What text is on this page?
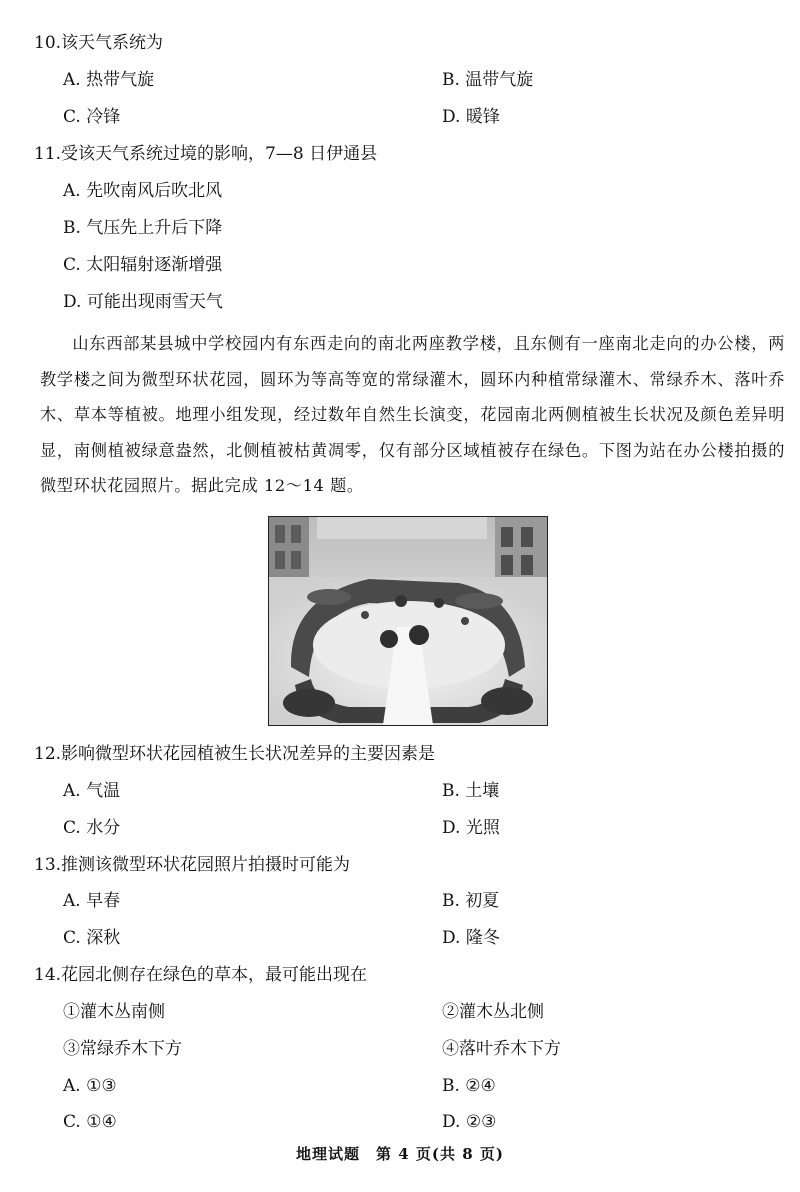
10.该天气系统为
A. 热带气旋	B. 温带气旋
C. 冷锋	D. 暖锋
11.受该天气系统过境的影响，7—8 日伊通县
A. 先吹南风后吹北风
B. 气压先上升后下降
C. 太阳辐射逐渐增强
D. 可能出现雨雪天气

山东西部某县城中学校园内有东西走向的南北两座教学楼，且东侧有一座南北走向的办公楼，两教学楼之间为微型环状花园，圆环为等高等宽的常绿灌木，圆环内种植常绿灌木、常绿乔木、落叶乔木、草本等植被。地理小组发现，经过数年自然生长演变，花园南北两侧植被生长状况及颜色差异明显，南侧植被绿意盎然，北侧植被枯黄凋零，仅有部分区域植被存在绿色。下图为站在办公楼拍摄的微型环状花园照片。据此完成 12～14 题。

12.影响微型环状花园植被生长状况差异的主要因素是
A. 气温	B. 土壤
C. 水分	D. 光照
13.推测该微型环状花园照片拍摄时可能为
A. 早春	B. 初夏
C. 深秋	D. 隆冬
14.花园北侧存在绿色的草本，最可能出现在
①灌木丛南侧	②灌木丛北侧
③常绿乔木下方	④落叶乔木下方
A. ①③	B. ②④
C. ①④	D. ②③
地理试题　第 4 页(共 8 页)
